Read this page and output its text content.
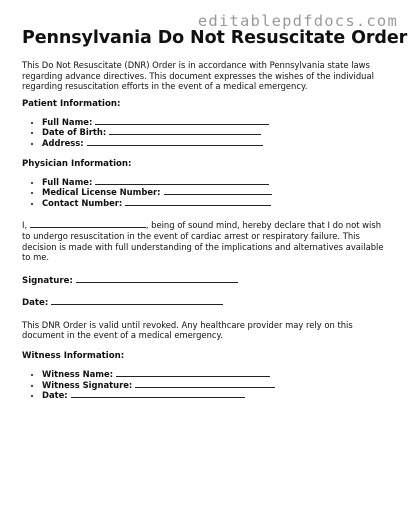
editablepdfdocs.com
Pennsylvania Do Not Resuscitate Order

This Do Not Resuscitate (DNR) Order is in accordance with Pennsylvania state laws regarding advance directives. This document expresses the wishes of the individual regarding resuscitation efforts in the event of a medical emergency.

Patient Information:
• Full Name:
• Date of Birth:
• Address:
Physician Information:
• Full Name:
• Medical License Number:
• Contact Number:

I,	, being of sound mind, hereby declare that I do not wish to undergo resuscitation in the event of cardiac arrest or respiratory failure. This decision is made with full understanding of the implications and alternatives available to me.

Signature:
Date:

This DNR Order is valid until revoked. Any healthcare provider may rely on this document in the event of a medical emergency.

Witness Information:
• Witness Name:
• Witness Signature:
• Date:
